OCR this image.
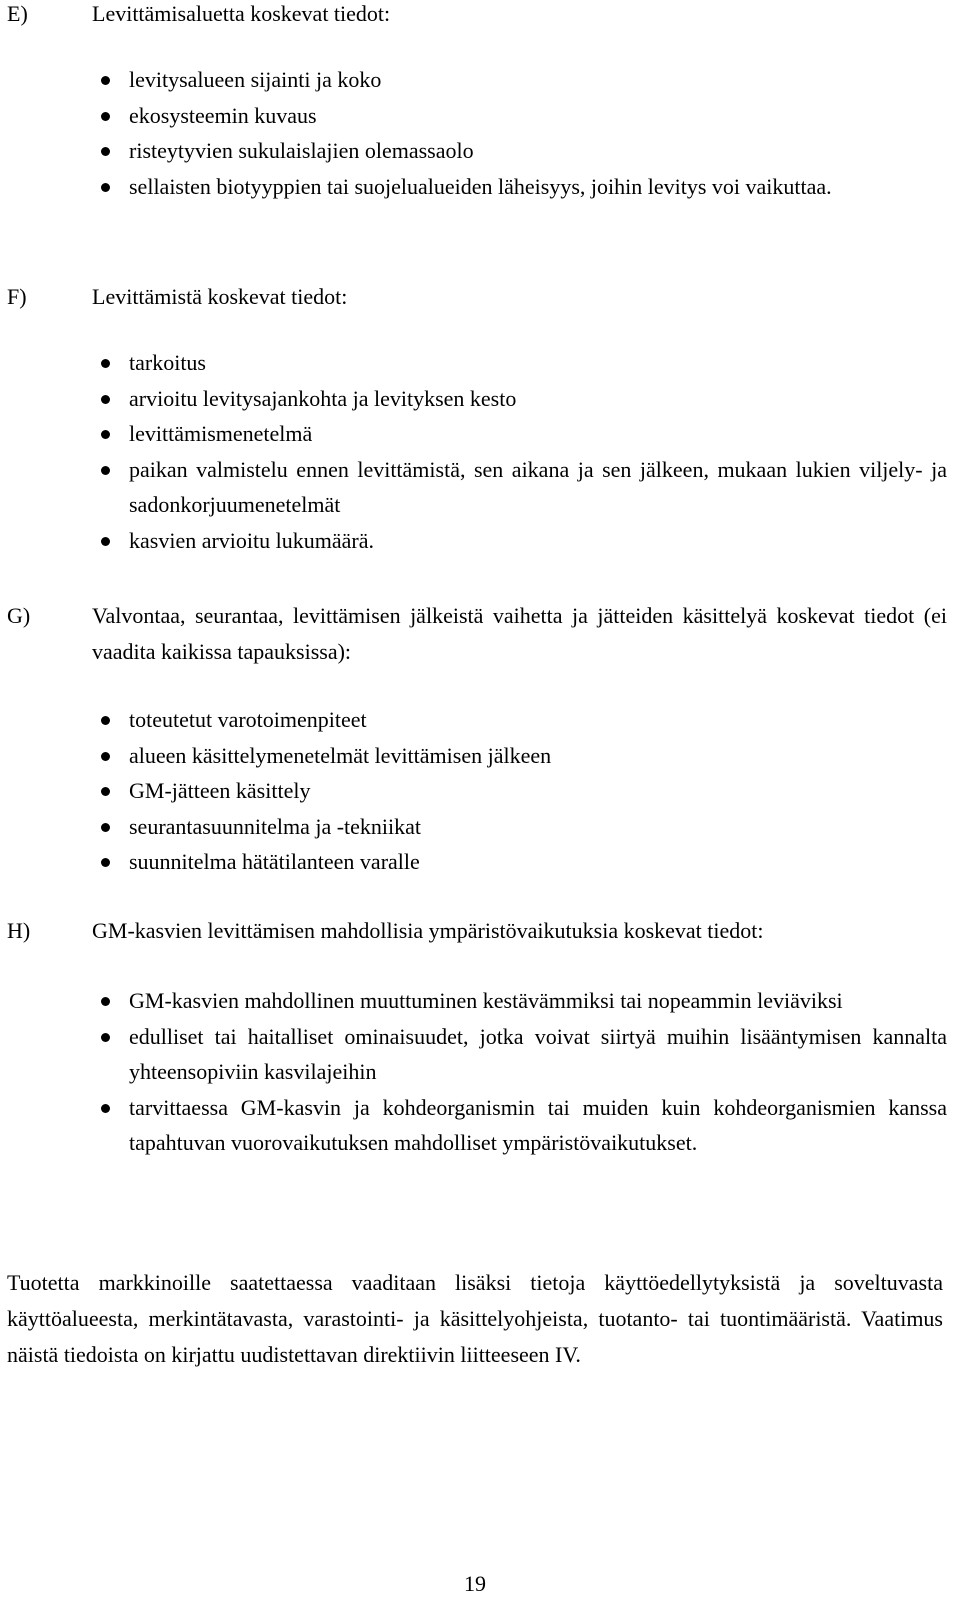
E)	Levittämisaluetta koskevat tiedot:
levitysalueen sijainti ja koko
ekosysteemin kuvaus
risteytyvien sukulaislajien olemassaolo
sellaisten biotyyppien tai suojelualueiden läheisyys, joihin levitys voi vaikuttaa.
F)	Levittämistä koskevat tiedot:
tarkoitus
arvioitu levitysajankohta ja levityksen kesto
levittämismenetelmä
paikan valmistelu ennen levittämistä, sen aikana ja sen jälkeen, mukaan lukien viljely- ja sadonkorjuumenetelmät
kasvien arvioitu lukumäärä.
G)	Valvontaa, seurantaa, levittämisen jälkeistä vaihetta ja jätteiden käsittelyä koskevat tiedot (ei vaadita kaikissa tapauksissa):
toteutetut varotoimenpiteet
alueen käsittelymenetelmät levittämisen jälkeen
GM-jätteen käsittely
seurantasuunnitelma ja -tekniikat
suunnitelma hätätilanteen varalle
H)	GM-kasvien levittämisen mahdollisia ympäristövaikutuksia koskevat tiedot:
GM-kasvien mahdollinen muuttuminen kestävämmiksi tai nopeammin leviäviksi
edulliset tai haitalliset ominaisuudet, jotka voivat siirtyä muihin lisääntymisen kannalta yhteensopiviin kasvilajeihin
tarvittaessa GM-kasvin ja kohdeorganismin tai muiden kuin kohdeorganismien kanssa tapahtuvan vuorovaikutuksen mahdolliset ympäristövaikutukset.
Tuotetta markkinoille saatettaessa vaaditaan lisäksi tietoja käyttöedellytyksistä ja soveltuvasta käyttöalueesta, merkintätavasta, varastointi- ja käsittelyohjeista, tuotanto- tai tuontimääristä. Vaatimus näistä tiedoista on kirjattu uudistettavan direktiivin liitteeseen IV.
19
